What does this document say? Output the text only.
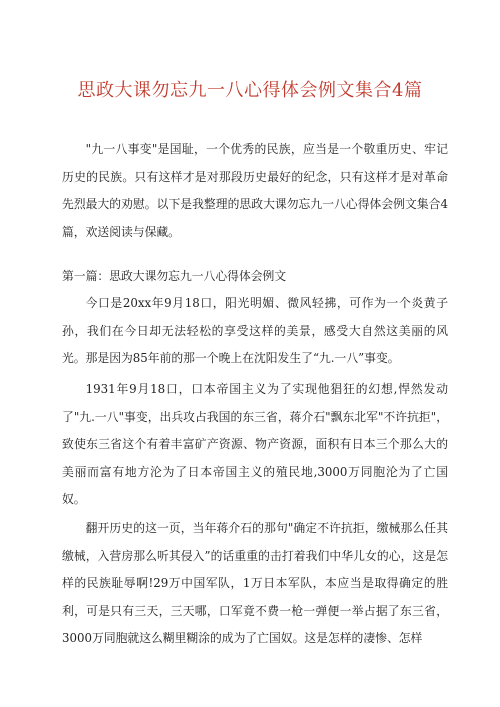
思政大课勿忘九一八心得体会例文集合4篇
"九一八事变"是国耻，一个优秀的民族，应当是一个敬重历史、牢记历史的民族。只有这样才是对那段历史最好的纪念，只有这样才是对革命先烈最大的劝慰。以下是我整理的思政大课勿忘九一八心得体会例文集合4篇，欢送阅读与保藏。
第一篇：思政大课勿忘九一八心得体会例文
今口是20xx年9月18口，阳光明媚、微风轻拂，可作为一个炎黄子孙，我们在今日却无法轻松的享受这样的美景，感受大自然这美丽的风光。那是因为85年前的那一个晚上在沈阳发生了“九.一八”事变。
1931年9月18口，口本帝国主义为了实现他猖狂的幻想,悍然发动了"九.一八"事变，出兵攻占我国的东三省，蒋介石"飘东北军"不许抗拒"，致使东三省这个有着丰富矿产资源、物产资源，面积有日本三个那么大的美丽而富有地方沦为了日本帝国主义的殖民地,3000万同胞沦为了亡国奴。
翻开历史的这一页，当年蒋介石的那句"确定不许抗拒，缴械那么任其缴械，入营房那么听其侵入”的话重重的击打着我们中华儿女的心，这是怎样的民族耻辱啊!29万中国军队，1万日本军队，本应当是取得确定的胜利，可是只有三天，三天哪，口军竟不费一枪一弹便一举占据了东三省，3000万同胞就这么糊里糊涂的成为了亡国奴。这是怎样的凄惨、怎样
